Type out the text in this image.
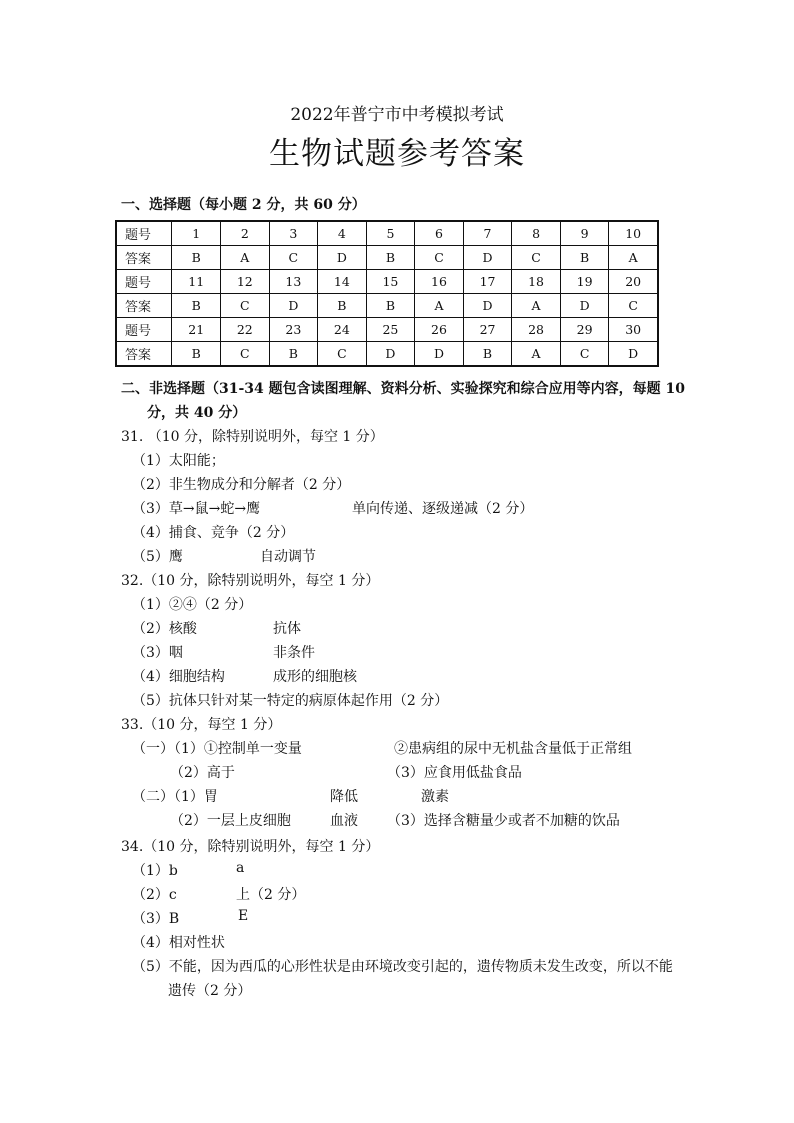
2022年普宁市中考模拟考试
生物试题参考答案
一、选择题（每小题 2 分，共 60 分）
题号	1	2	3	4	5	6	7	8	9	10
答案	B	A	C	D	B	C	D	C	B	A
题号	11	12	13	14	15	16	17	18	19	20
答案	B	C	D	B	B	A	D	A	D	C
题号	21	22	23	24	25	26	27	28	29	30
答案	B	C	B	C	D	D	B	A	C	D
二、非选择题（31-34 题包含读图理解、资料分析、实验探究和综合应用等内容，每题 10
分，共 40 分）
31. （10 分，除特别说明外，每空 1 分）
（1）太阳能；
（2）非生物成分和分解者（2 分）
（3）草→鼠→蛇→鹰	单向传递、逐级递减（2 分）
（4）捕食、竞争（2 分）
（5）鹰	自动调节
32.（10 分，除特别说明外，每空 1 分）
（1）②④（2 分）
（2）核酸	抗体
（3）咽	非条件
（4）细胞结构	成形的细胞核
（5）抗体只针对某一特定的病原体起作用（2 分）
33.（10 分，每空 1 分）
（一）（1）①控制单一变量	②患病组的尿中无机盐含量低于正常组
（2）高于	（3）应食用低盐食品
（二）（1）胃	降低	激素
（2）一层上皮细胞	血液 （3）选择含糖量少或者不加糖的饮品
34.（10 分，除特别说明外，每空 1 分）
（1）b	a
（2）c	上（2 分）
（3）B	E
（4）相对性状
（5）不能，因为西瓜的心形性状是由环境改变引起的，遗传物质未发生改变，所以不能
遗传（2 分）
